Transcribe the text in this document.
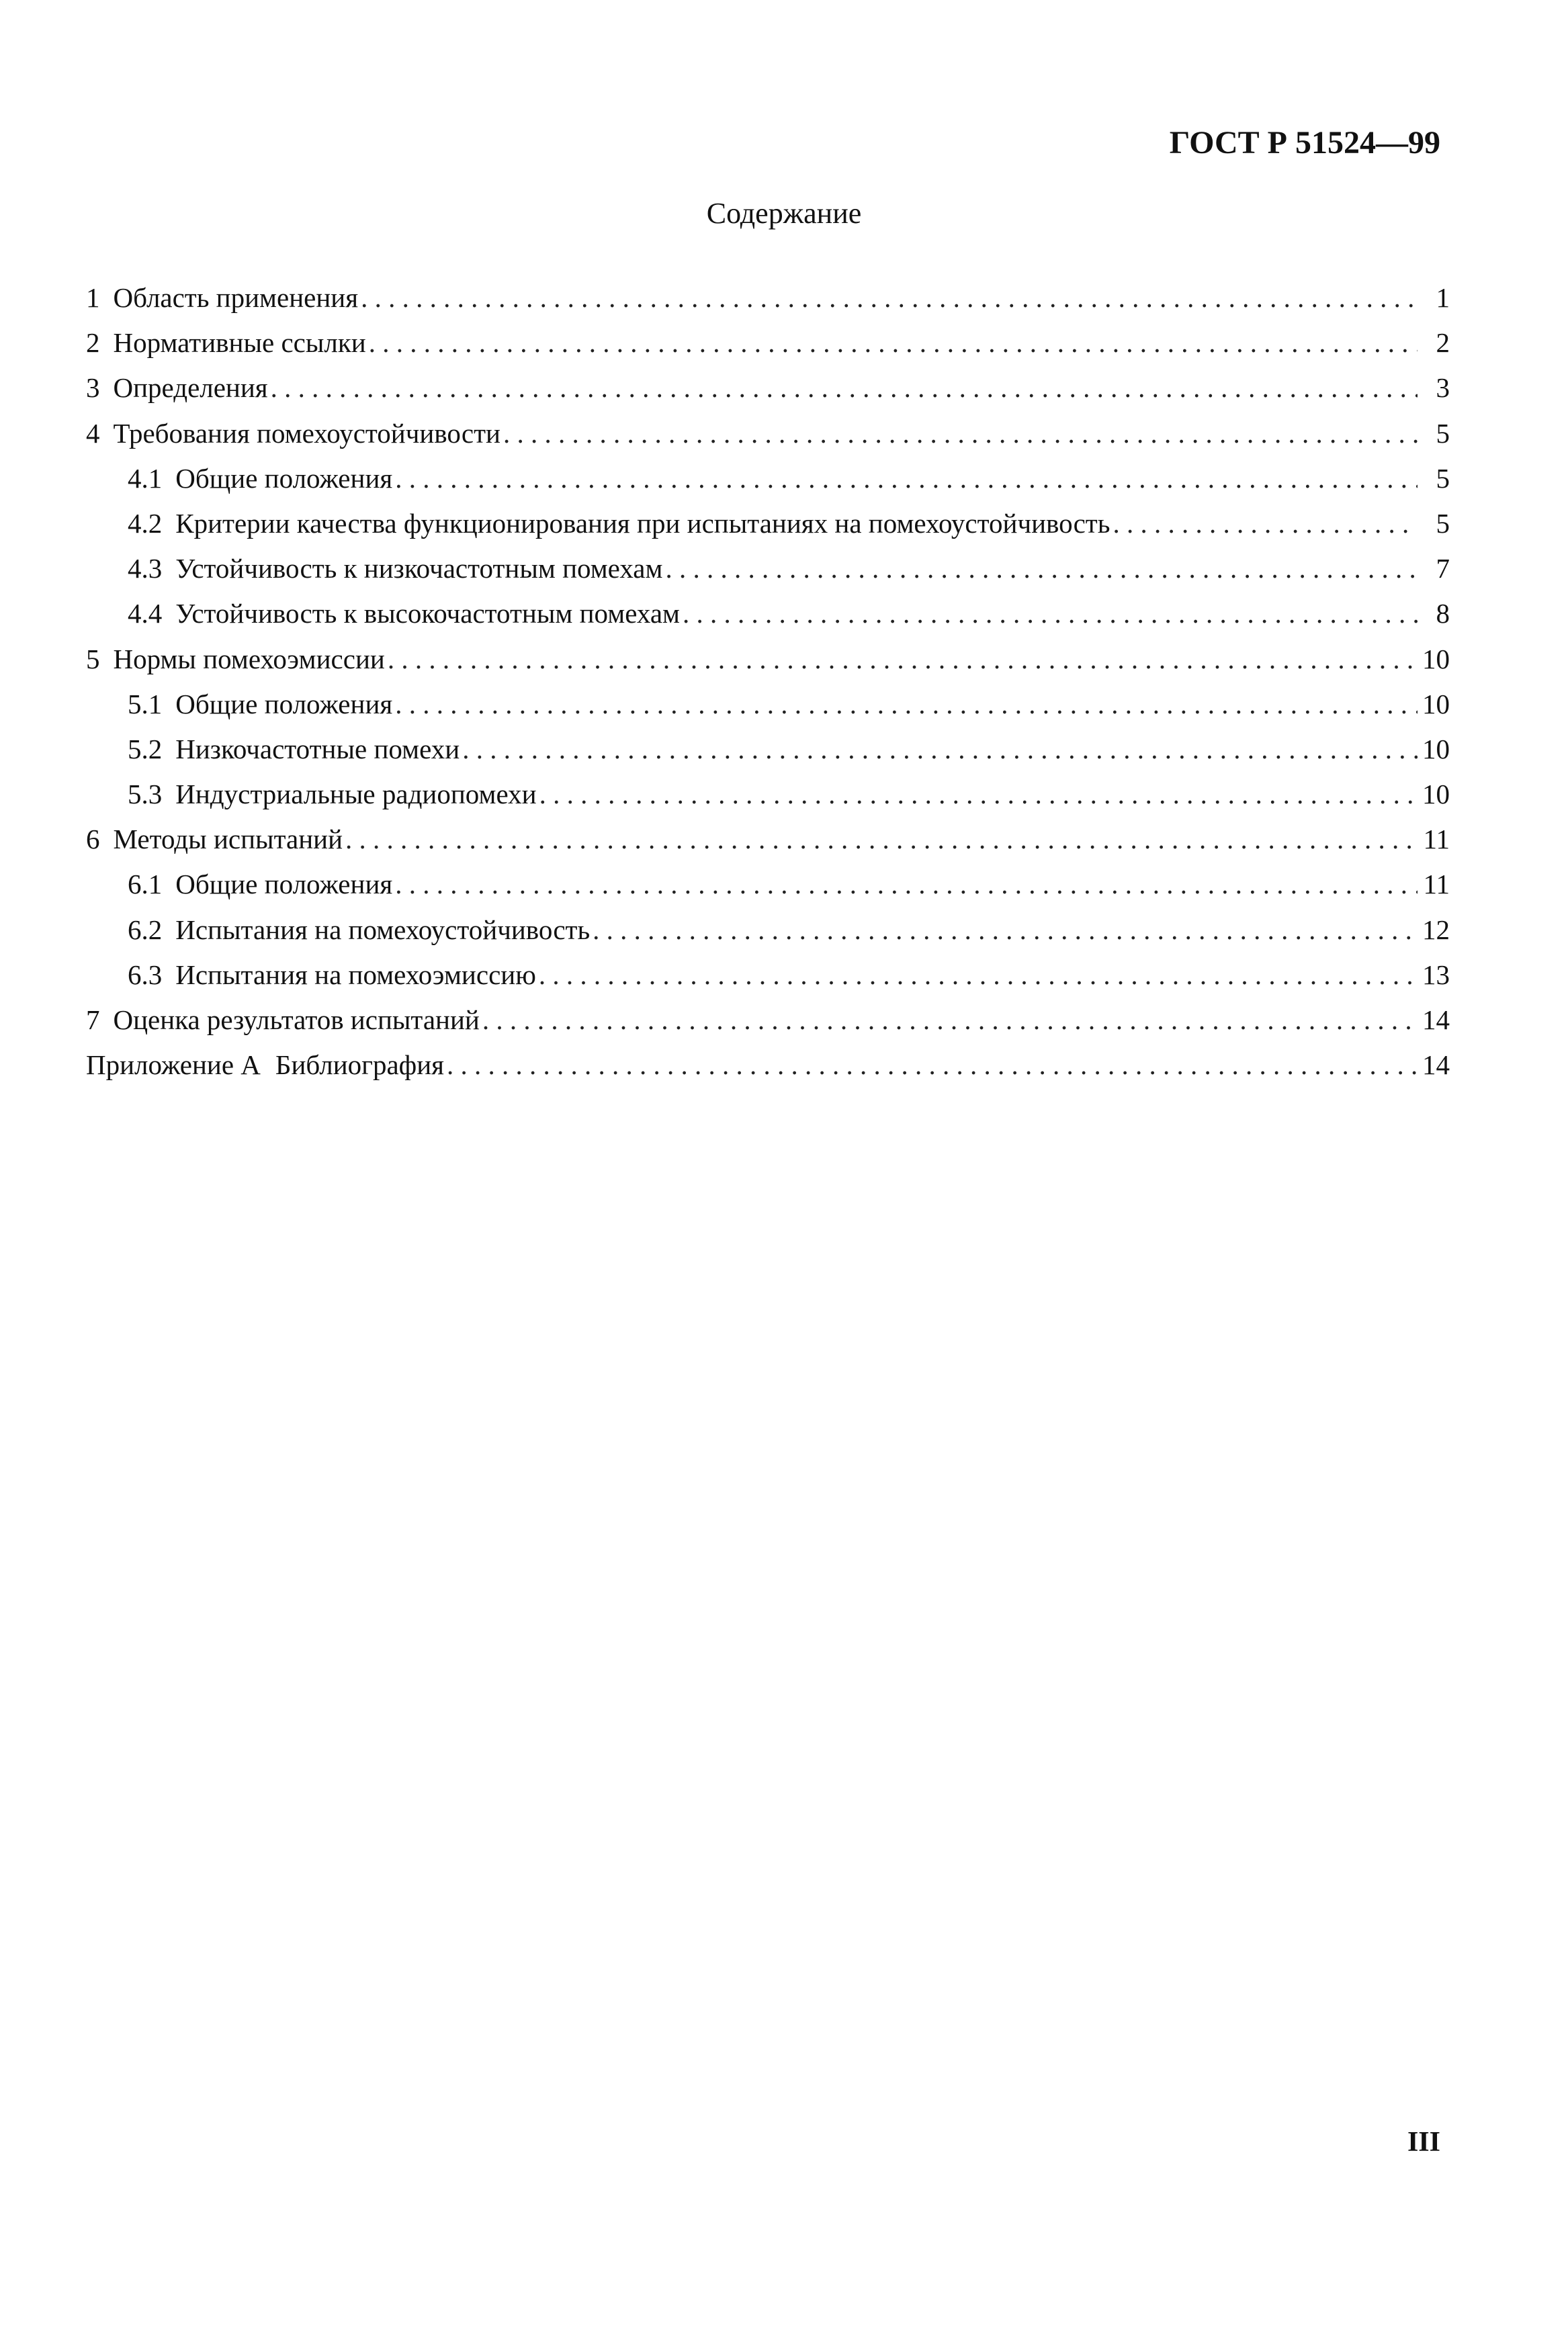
ГОСТ Р 51524—99
Содержание
1 Область применения . . .	1
2 Нормативные ссылки . . .	2
3 Определения . . .	3
4 Требования помехоустойчивости . . .	5
4.1 Общие положения . . .	5
4.2 Критерии качества функционирования при испытаниях на помехоустойчивость . . .	5
4.3 Устойчивость к низкочастотным помехам . . .	7
4.4 Устойчивость к высокочастотным помехам . . .	8
5 Нормы помехоэмиссии . . .	10
5.1 Общие положения . . .	10
5.2 Низкочастотные помехи . . .	10
5.3 Индустриальные радиопомехи . . .	10
6 Методы испытаний . . .	11
6.1 Общие положения . . .	11
6.2 Испытания на помехоустойчивость . . .	12
6.3 Испытания на помехоэмиссию . . .	13
7 Оценка результатов испытаний . . .	14
Приложение А Библиография . . .	14
III
